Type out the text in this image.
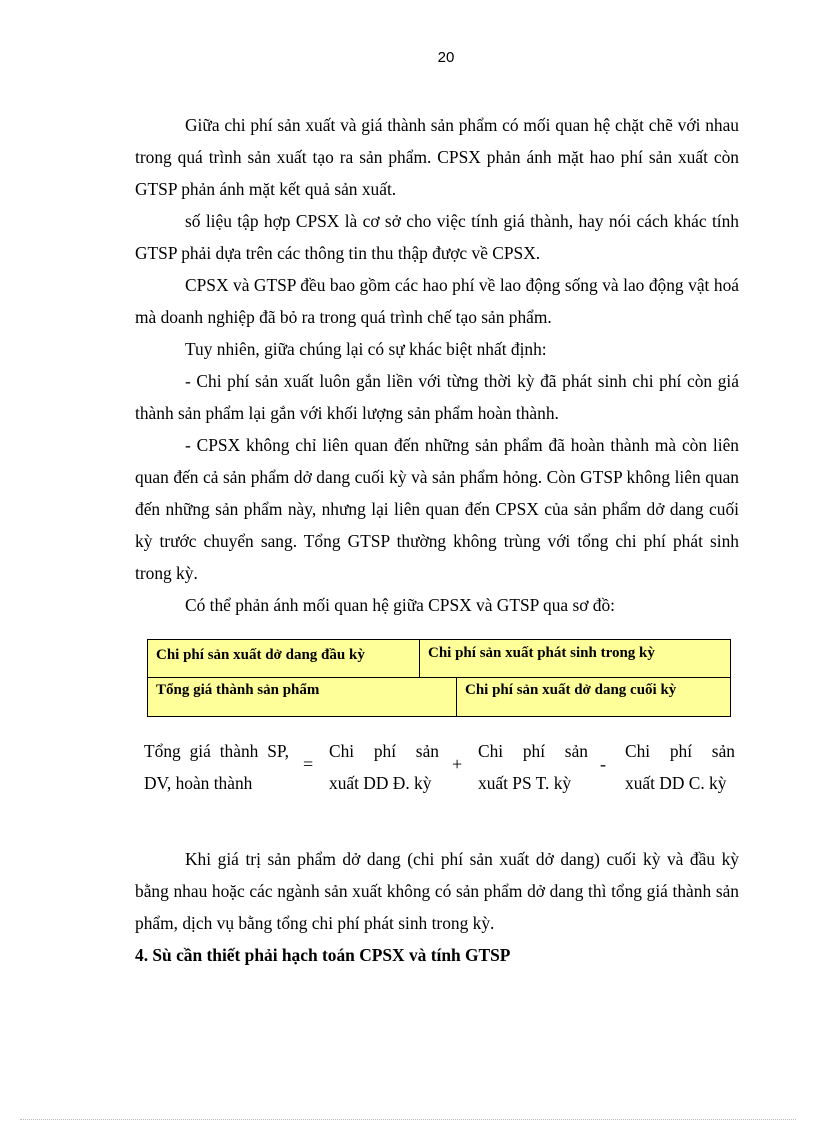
20

Giữa chi phí sản xuất và giá thành sản phẩm có mối quan hệ chặt chẽ với nhau trong quá trình sản xuất tạo ra sản phẩm. CPSX phản ánh mặt hao phí sản xuất còn GTSP phản ánh mặt kết quả sản xuất.

số liệu tập hợp CPSX là cơ sở cho việc tính giá thành, hay nói cách khác tính GTSP phải dựa trên các thông tin thu thập được về CPSX.

CPSX và GTSP đều bao gồm các hao phí về lao động sống và lao động vật hoá mà doanh nghiệp đã bỏ ra trong quá trình chế tạo sản phẩm.

Tuy nhiên, giữa chúng lại có sự khác biệt nhất định:

- Chi phí sản xuất luôn gắn liền với từng thời kỳ đã phát sinh chi phí còn giá thành sản phẩm lại gắn với khối lượng sản phẩm hoàn thành.

- CPSX không chỉ liên quan đến những sản phẩm đã hoàn thành mà còn liên quan đến cả sản phẩm dở dang cuối kỳ và sản phẩm hỏng. Còn GTSP không liên quan đến những sản phẩm này, nhưng lại liên quan đến CPSX của sản phẩm dở dang cuối kỳ trước chuyển sang. Tổng GTSP thường không trùng với tổng chi phí phát sinh trong kỳ.

Có thể phản ánh mối quan hệ giữa CPSX và GTSP qua sơ đồ:

Chi phí sản xuất dở dang đầu kỳ	Chi phí sản xuất phát sinh trong kỳ
Tổng giá thành sản phẩm	Chi phí sản xuất dở dang cuối kỳ
Tổng giá thành SP, DV, hoàn thành
=
Chi phí sản xuất DD Đ. kỳ
+
Chi phí sản xuất PS T. kỳ
-
Chi phí sản xuất DD C. kỳ

Khi giá trị sản phẩm dở dang (chi phí sản xuất dở dang) cuối kỳ và đầu kỳ bằng nhau hoặc các ngành sản xuất không có sản phẩm dở dang thì tổng giá thành sản phẩm, dịch vụ bằng tổng chi phí phát sinh trong kỳ.

4. Sù cần thiết phải hạch toán CPSX và tính GTSP
